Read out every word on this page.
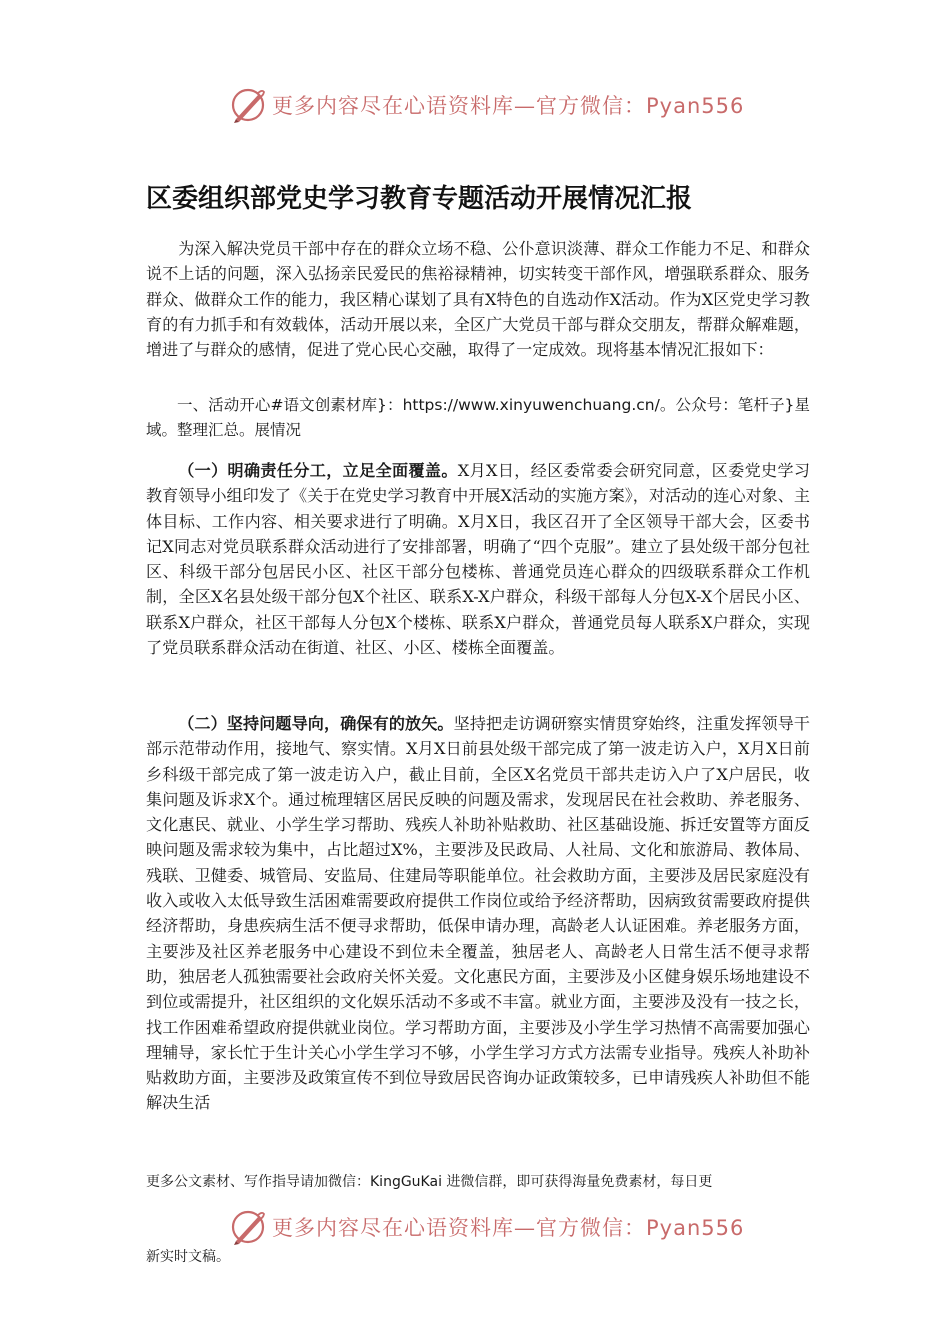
更多内容尽在心语资料库—官方微信：Pyan556
区委组织部党史学习教育专题活动开展情况汇报

为深入解决党员干部中存在的群众立场不稳、公仆意识淡薄、群众工作能力不足、和群众说不上话的问题，深入弘扬亲民爱民的焦裕禄精神，切实转变干部作风，增强联系群众、服务群众、做群众工作的能力，我区精心谋划了具有X特色的自选动作X活动。作为X区党史学习教育的有力抓手和有效载体，活动开展以来，全区广大党员干部与群众交朋友，帮群众解难题，增进了与群众的感情，促进了党心民心交融，取得了一定成效。现将基本情况汇报如下：

一、活动开心#语文创素材库}：https://www.xinyuwenchuang.cn/。公众号：笔杆子}星域。整理汇总。展情况

（一）明确责任分工，立足全面覆盖。X月X日，经区委常委会研究同意，区委党史学习教育领导小组印发了《关于在党史学习教育中开展X活动的实施方案》，对活动的连心对象、主体目标、工作内容、相关要求进行了明确。X月X日，我区召开了全区领导干部大会，区委书记X同志对党员联系群众活动进行了安排部署，明确了“四个克服”。建立了县处级干部分包社区、科级干部分包居民小区、社区干部分包楼栋、普通党员连心群众的四级联系群众工作机制，全区X名县处级干部分包X个社区、联系X-X户群众，科级干部每人分包X-X个居民小区、联系X户群众，社区干部每人分包X个楼栋、联系X户群众，普通党员每人联系X户群众，实现了党员联系群众活动在街道、社区、小区、楼栋全面覆盖。

（二）坚持问题导向，确保有的放矢。坚持把走访调研察实情贯穿始终，注重发挥领导干部示范带动作用，接地气、察实情。X月X日前县处级干部完成了第一波走访入户，X月X日前乡科级干部完成了第一波走访入户，截止目前，全区X名党员干部共走访入户了X户居民，收集问题及诉求X个。通过梳理辖区居民反映的问题及需求，发现居民在社会救助、养老服务、文化惠民、就业、小学生学习帮助、残疾人补助补贴救助、社区基础设施、拆迁安置等方面反映问题及需求较为集中，占比超过X%，主要涉及民政局、人社局、文化和旅游局、教体局、残联、卫健委、城管局、安监局、住建局等职能单位。社会救助方面，主要涉及居民家庭没有收入或收入太低导致生活困难需要政府提供工作岗位或给予经济帮助，因病致贫需要政府提供经济帮助，身患疾病生活不便寻求帮助，低保申请办理，高龄老人认证困难。养老服务方面，主要涉及社区养老服务中心建设不到位未全覆盖，独居老人、高龄老人日常生活不便寻求帮助，独居老人孤独需要社会政府关怀关爱。文化惠民方面，主要涉及小区健身娱乐场地建设不到位或需提升，社区组织的文化娱乐活动不多或不丰富。就业方面，主要涉及没有一技之长，找工作困难希望政府提供就业岗位。学习帮助方面，主要涉及小学生学习热情不高需要加强心理辅导，家长忙于生计关心小学生学习不够，小学生学习方式方法需专业指导。残疾人补助补贴救助方面，主要涉及政策宣传不到位导致居民咨询办证政策较多，已申请残疾人补助但不能解决生活

更多公文素材、写作指导请加微信：KingGuKai 进微信群，即可获得海量免费素材，每日更

更多内容尽在心语资料库—官方微信：Pyan556

新实时文稿。
